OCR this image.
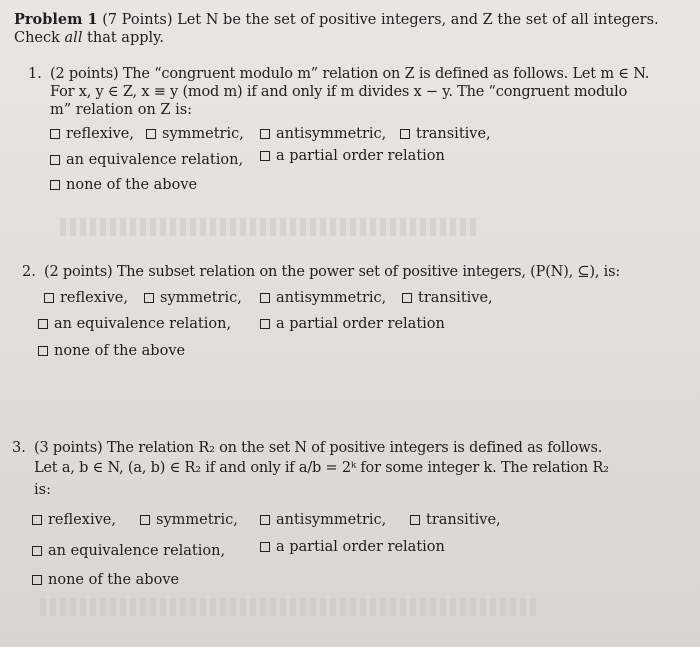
Problem 1 (7 Points) Let N be the set of positive integers, and Z the set of all integers.
Check all that apply.
1. (2 points) The “congruent modulo m” relation on Z is defined as follows. Let m ∈ N.
For x, y ∈ Z, x ≡ y (mod m) if and only if m divides x − y. The “congruent modulo
m” relation on Z is:
reflexive, symmetric, antisymmetric, transitive,
an equivalence relation, a partial order relation
none of the above
2. (2 points) The subset relation on the power set of positive integers, (P(N), ⊆), is:
reflexive, symmetric, antisymmetric, transitive,
an equivalence relation,	a partial order relation
none of the above
3. (3 points) The relation R₂ on the set N of positive integers is defined as follows.
Let a, b ∈ N, (a, b) ∈ R₂ if and only if a/b = 2ᵏ for some integer k. The relation R₂
is:
reflexive,	symmetric,	antisymmetric,	transitive,
an equivalence relation,	a partial order relation
none of the above
